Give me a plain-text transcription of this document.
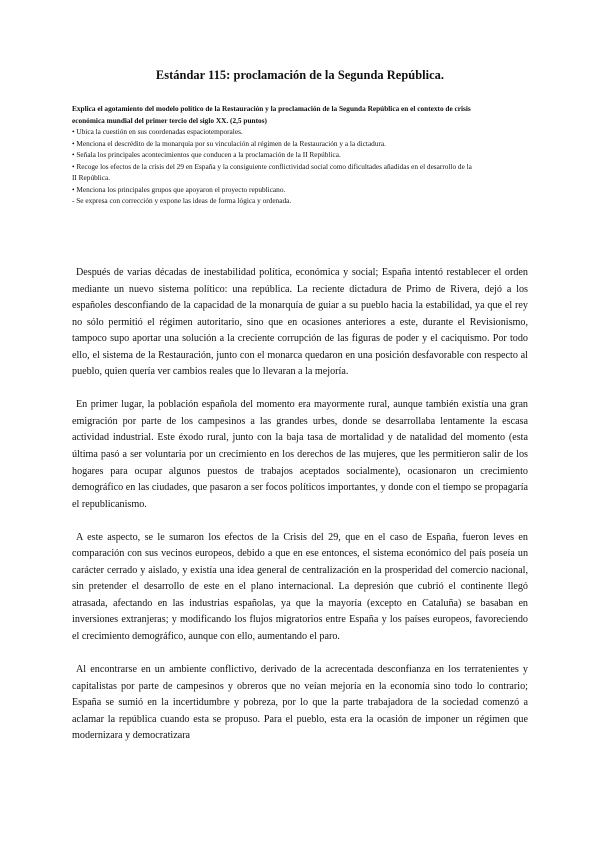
Estándar 115: proclamación de la Segunda República.

Explica el agotamiento del modelo político de la Restauración y la proclamación de la Segunda República en el contexto de crisis económica mundial del primer tercio del siglo XX. (2,5 puntos)

• Ubica la cuestión en sus coordenadas espaciotemporales.
• Menciona el descrédito de la monarquía por su vinculación al régimen de la Restauración y a la dictadura.
• Señala los principales acontecimientos que conducen a la proclamación de la II República.
• Recoge los efectos de la crisis del 29 en España y la consiguiente conflictividad social como dificultades añadidas en el desarrollo de la II República.
• Menciona los principales grupos que apoyaron el proyecto republicano.
- Se expresa con corrección y expone las ideas de forma lógica y ordenada.

Después de varias décadas de inestabilidad política, económica y social; España intentó restablecer el orden mediante un nuevo sistema político: una república. La reciente dictadura de Primo de Rivera, dejó a los españoles desconfiando de la capacidad de la monarquía de guiar a su pueblo hacia la estabilidad, ya que el rey no sólo permitió el régimen autoritario, sino que en ocasiones anteriores a este, durante el Revisionismo, tampoco supo aportar una solución a la creciente corrupción de las figuras de poder y el caciquismo. Por todo ello, el sistema de la Restauración, junto con el monarca quedaron en una posición desfavorable con respecto al pueblo, quien quería ver cambios reales que lo llevaran a la mejoría.

En primer lugar, la población española del momento era mayormente rural, aunque también existía una gran emigración por parte de los campesinos a las grandes urbes, donde se desarrollaba lentamente la escasa actividad industrial. Este éxodo rural, junto con la baja tasa de mortalidad y de natalidad del momento (esta última pasó a ser voluntaria por un crecimiento en los derechos de las mujeres, que les permitieron salir de los hogares para ocupar algunos puestos de trabajos aceptados socialmente), ocasionaron un crecimiento demográfico en las ciudades, que pasaron a ser focos políticos importantes, y donde con el tiempo se propagaría el republicanismo.

A este aspecto, se le sumaron los efectos de la Crisis del 29, que en el caso de España, fueron leves en comparación con sus vecinos europeos, debido a que en ese entonces, el sistema económico del país poseía un carácter cerrado y aislado, y existía una idea general de centralización en la prosperidad del comercio nacional, sin pretender el desarrollo de este en el plano internacional. La depresión que cubrió el continente llegó atrasada, afectando en las industrias españolas, ya que la mayoría (excepto en Cataluña) se basaban en inversiones extranjeras; y modificando los flujos migratorios entre España y los países europeos, favoreciendo el crecimiento demográfico, aunque con ello, aumentando el paro.

Al encontrarse en un ambiente conflictivo, derivado de la acrecentada desconfianza en los terratenientes y capitalistas por parte de campesinos y obreros que no veían mejoría en la economía sino todo lo contrario; España se sumió en la incertidumbre y pobreza, por lo que la parte trabajadora de la sociedad comenzó a aclamar la república cuando esta se propuso. Para el pueblo, esta era la ocasión de imponer un régimen que modernizara y democratizara
